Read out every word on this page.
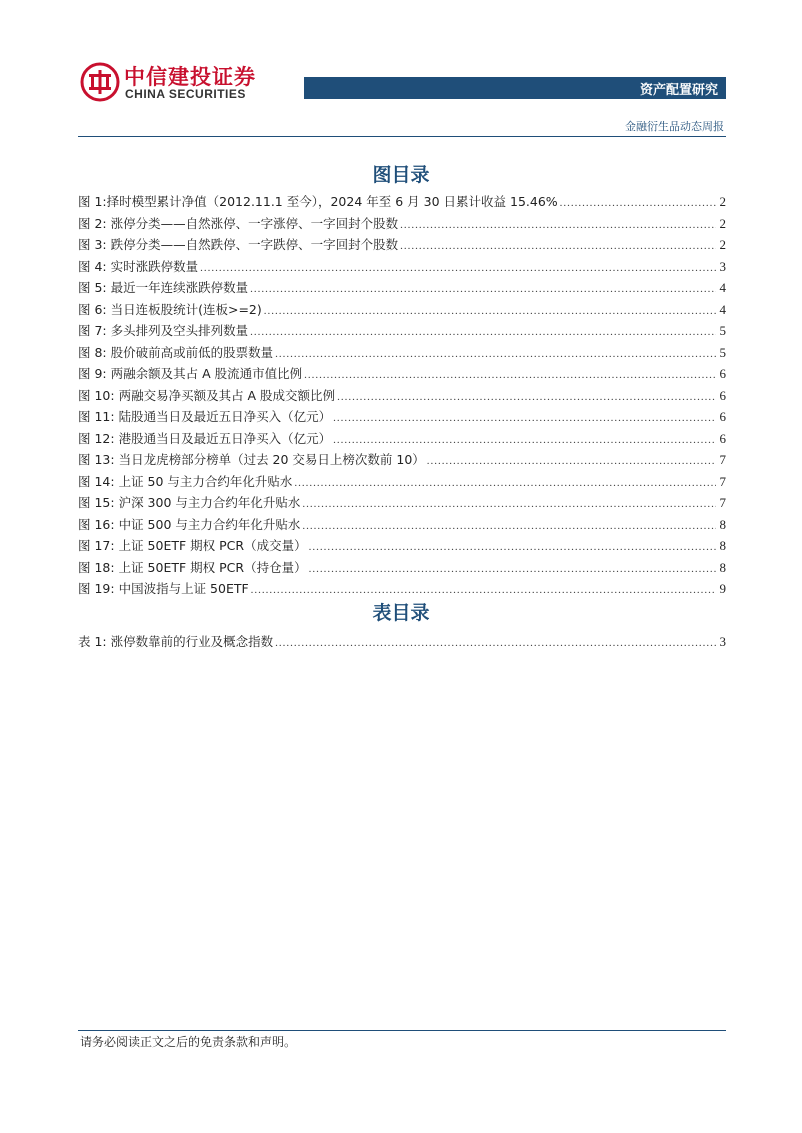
中信建投证券
CHINA SECURITIES	资产配置研究
金融衍生品动态周报
图目录
图 1:择时模型累计净值（2012.11.1 至今），2024 年至 6 月 30 日累计收益 15.46% .....	2
图 2: 涨停分类——自然涨停、一字涨停、一字回封个股数 .....	2
图 3: 跌停分类——自然跌停、一字跌停、一字回封个股数 .....	2
图 4: 实时涨跌停数量 .....	3
图 5: 最近一年连续涨跌停数量 .....	4
图 6: 当日连板股统计(连板>=2) .....	4
图 7: 多头排列及空头排列数量 .....	5
图 8: 股价破前高或前低的股票数量 .....	5
图 9: 两融余额及其占 A 股流通市值比例 .....	6
图 10: 两融交易净买额及其占 A 股成交额比例 .....	6
图 11: 陆股通当日及最近五日净买入（亿元） .....	6
图 12: 港股通当日及最近五日净买入（亿元） .....	6
图 13: 当日龙虎榜部分榜单（过去 20 交易日上榜次数前 10） .....	7
图 14: 上证 50 与主力合约年化升贴水 .....	7
图 15: 沪深 300 与主力合约年化升贴水 .....	7
图 16: 中证 500 与主力合约年化升贴水 .....	8
图 17: 上证 50ETF 期权 PCR（成交量） .....	8
图 18: 上证 50ETF 期权 PCR（持仓量） .....	8
图 19: 中国波指与上证 50ETF .....	9
表目录
表 1: 涨停数靠前的行业及概念指数 .....	3
请务必阅读正文之后的免责条款和声明。
